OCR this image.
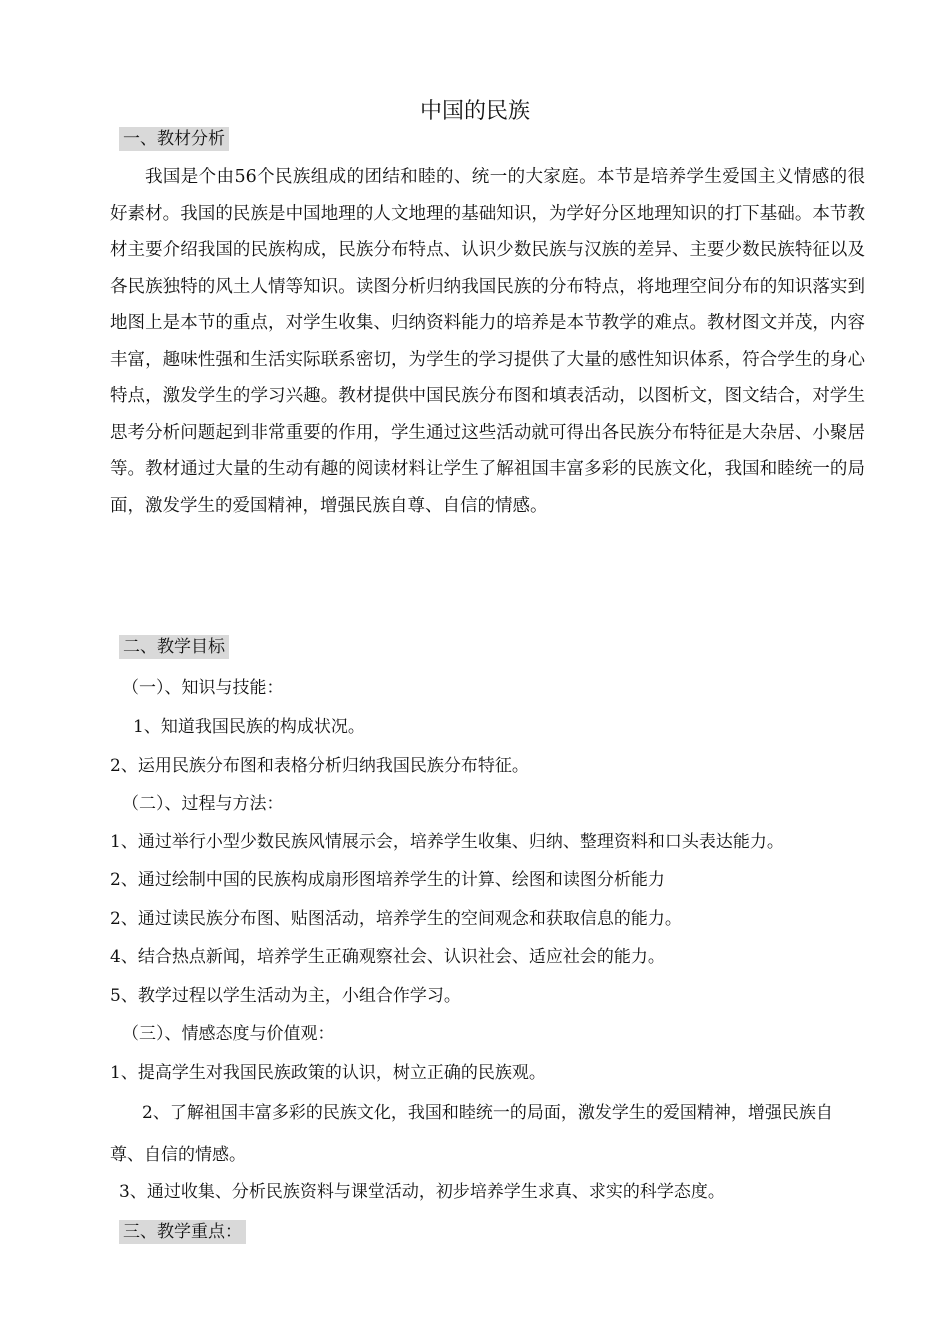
中国的民族
一、教材分析

我国是个由56个民族组成的团结和睦的、统一的大家庭。本节是培养学生爱国主义情感的很好素材。我国的民族是中国地理的人文地理的基础知识，为学好分区地理知识的打下基础。本节教材主要介绍我国的民族构成，民族分布特点、认识少数民族与汉族的差异、主要少数民族特征以及各民族独特的风土人情等知识。读图分析归纳我国民族的分布特点，将地理空间分布的知识落实到地图上是本节的重点，对学生收集、归纳资料能力的培养是本节教学的难点。教材图文并茂，内容丰富，趣味性强和生活实际联系密切，为学生的学习提供了大量的感性知识体系，符合学生的身心特点，激发学生的学习兴趣。教材提供中国民族分布图和填表活动，以图析文，图文结合，对学生思考分析问题起到非常重要的作用，学生通过这些活动就可得出各民族分布特征是大杂居、小聚居等。教材通过大量的生动有趣的阅读材料让学生了解祖国丰富多彩的民族文化，我国和睦统一的局面，激发学生的爱国精神，增强民族自尊、自信的情感。

二、教学目标

（一）、知识与技能：

1、知道我国民族的构成状况。

2、运用民族分布图和表格分析归纳我国民族分布特征。

（二）、过程与方法：

1、通过举行小型少数民族风情展示会，培养学生收集、归纳、整理资料和口头表达能力。

2、通过绘制中国的民族构成扇形图培养学生的计算、绘图和读图分析能力

2、通过读民族分布图、贴图活动，培养学生的空间观念和获取信息的能力。

4、结合热点新闻，培养学生正确观察社会、认识社会、适应社会的能力。

5、教学过程以学生活动为主，小组合作学习。

（三）、情感态度与价值观：

1、提高学生对我国民族政策的认识，树立正确的民族观。

2、了解祖国丰富多彩的民族文化，我国和睦统一的局面，激发学生的爱国精神，增强民族自尊、自信的情感。

3、通过收集、分析民族资料与课堂活动，初步培养学生求真、求实的科学态度。

三、教学重点：
